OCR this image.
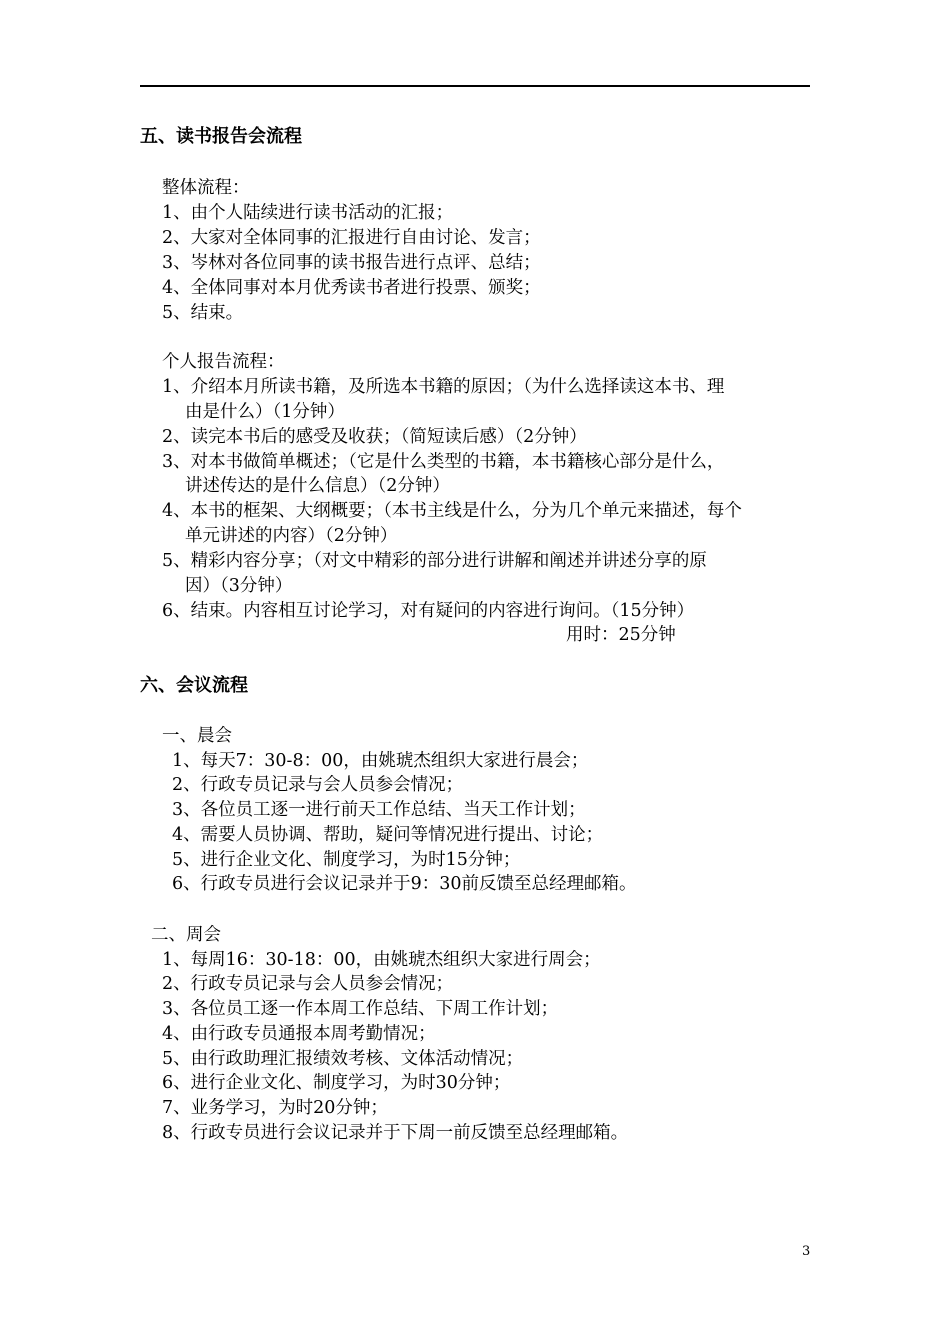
五、读书报告会流程
整体流程：
1、由个人陆续进行读书活动的汇报；
2、大家对全体同事的汇报进行自由讨论、发言；
3、岑林对各位同事的读书报告进行点评、总结；
4、全体同事对本月优秀读书者进行投票、颁奖；
5、结束。
个人报告流程：
1、介绍本月所读书籍，及所选本书籍的原因；（为什么选择读这本书、理
由是什么）（1分钟）
2、读完本书后的感受及收获；（简短读后感）（2分钟）
3、对本书做简单概述；（它是什么类型的书籍，本书籍核心部分是什么，
讲述传达的是什么信息）（2分钟）
4、本书的框架、大纲概要；（本书主线是什么，分为几个单元来描述，每个
单元讲述的内容）（2分钟）
5、精彩内容分享；（对文中精彩的部分进行讲解和阐述并讲述分享的原
因）（3分钟）
6、结束。内容相互讨论学习，对有疑问的内容进行询问。（15分钟）
用时：25分钟
六、会议流程
一、晨会
1、每天7：30-8：00，由姚琥杰组织大家进行晨会；
2、行政专员记录与会人员参会情况；
3、各位员工逐一进行前天工作总结、当天工作计划；
4、需要人员协调、帮助，疑问等情况进行提出、讨论；
5、进行企业文化、制度学习，为时15分钟；
6、行政专员进行会议记录并于9：30前反馈至总经理邮箱。
二、周会
1、每周16：30-18：00，由姚琥杰组织大家进行周会；
2、行政专员记录与会人员参会情况；
3、各位员工逐一作本周工作总结、下周工作计划；
4、由行政专员通报本周考勤情况；
5、由行政助理汇报绩效考核、文体活动情况；
6、进行企业文化、制度学习，为时30分钟；
7、业务学习，为时20分钟；
8、行政专员进行会议记录并于下周一前反馈至总经理邮箱。
3
